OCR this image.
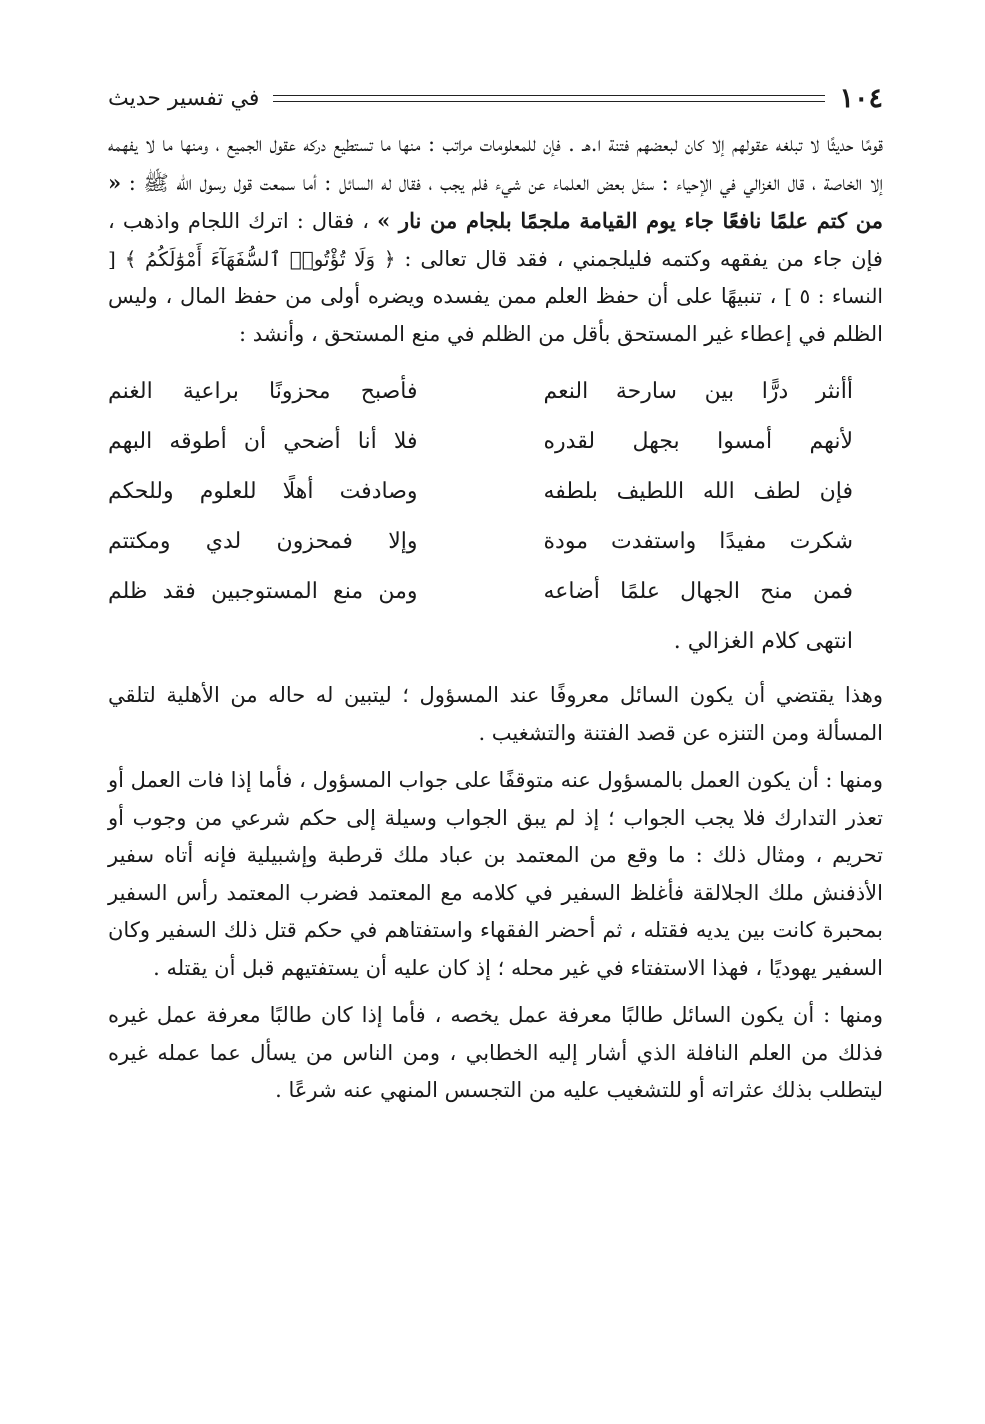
١٠٤
في تفسير حديث

قومًا حديثًا لا تبلغه عقولهم إلا كان لبعضهم فتنة ا.هـ . فإن للمعلومات مراتب : منها ما تستطيع دركه عقول الجميع ، ومنها ما لا يفهمه إلا الخاصة ، قال الغزالي في الإحياء : سئل بعض العلماء عن شيء فلم يجب ، فقال له السائل : أما سمعت قول رسول الله ﷺ : « من كتم علمًا نافعًا جاء يوم القيامة ملجمًا بلجام من نار » ، فقال : اترك اللجام واذهب ، فإن جاء من يفقهه وكتمه فليلجمني ، فقد قال تعالى : ﴿ وَلَا تُؤْتُوا۟ ٱلسُّفَهَآءَ أَمْوَٰلَكُمُ ﴾ [ النساء : ٥ ] ، تنبيهًا على أن حفظ العلم ممن يفسده ويضره أولى من حفظ المال ، وليس الظلم في إعطاء غير المستحق بأقل من الظلم في منع المستحق ، وأنشد :

أأنثر درًّا بين سارحة النعم
فأصبح محزونًا براعية الغنم
لأنهم أمسوا بجهل لقدره
فلا أنا أضحي أن أطوقه البهم
فإن لطف الله اللطيف بلطفه
وصادفت أهلًا للعلوم وللحكم
شكرت مفيدًا واستفدت مودة
وإلا فمحزون لدي ومكتتم
فمن منح الجهال علمًا أضاعه
ومن منع المستوجبين فقد ظلم
انتهى كلام الغزالي .

وهذا يقتضي أن يكون السائل معروفًا عند المسؤول ؛ ليتبين له حاله من الأهلية لتلقي المسألة ومن التنزه عن قصد الفتنة والتشغيب .

ومنها : أن يكون العمل بالمسؤول عنه متوقفًا على جواب المسؤول ، فأما إذا فات العمل أو تعذر التدارك فلا يجب الجواب ؛ إذ لم يبق الجواب وسيلة إلى حكم شرعي من وجوب أو تحريم ، ومثال ذلك : ما وقع من المعتمد بن عباد ملك قرطبة وإشبيلية فإنه أتاه سفير الأذفنش ملك الجلالقة فأغلظ السفير في كلامه مع المعتمد فضرب المعتمد رأس السفير بمحبرة كانت بين يديه فقتله ، ثم أحضر الفقهاء واستفتاهم في حكم قتل ذلك السفير وكان السفير يهوديًا ، فهذا الاستفتاء في غير محله ؛ إذ كان عليه أن يستفتيهم قبل أن يقتله .

ومنها : أن يكون السائل طالبًا معرفة عمل يخصه ، فأما إذا كان طالبًا معرفة عمل غيره فذلك من العلم النافلة الذي أشار إليه الخطابي ، ومن الناس من يسأل عما عمله غيره ليتطلب بذلك عثراته أو للتشغيب عليه من التجسس المنهي عنه شرعًا .
